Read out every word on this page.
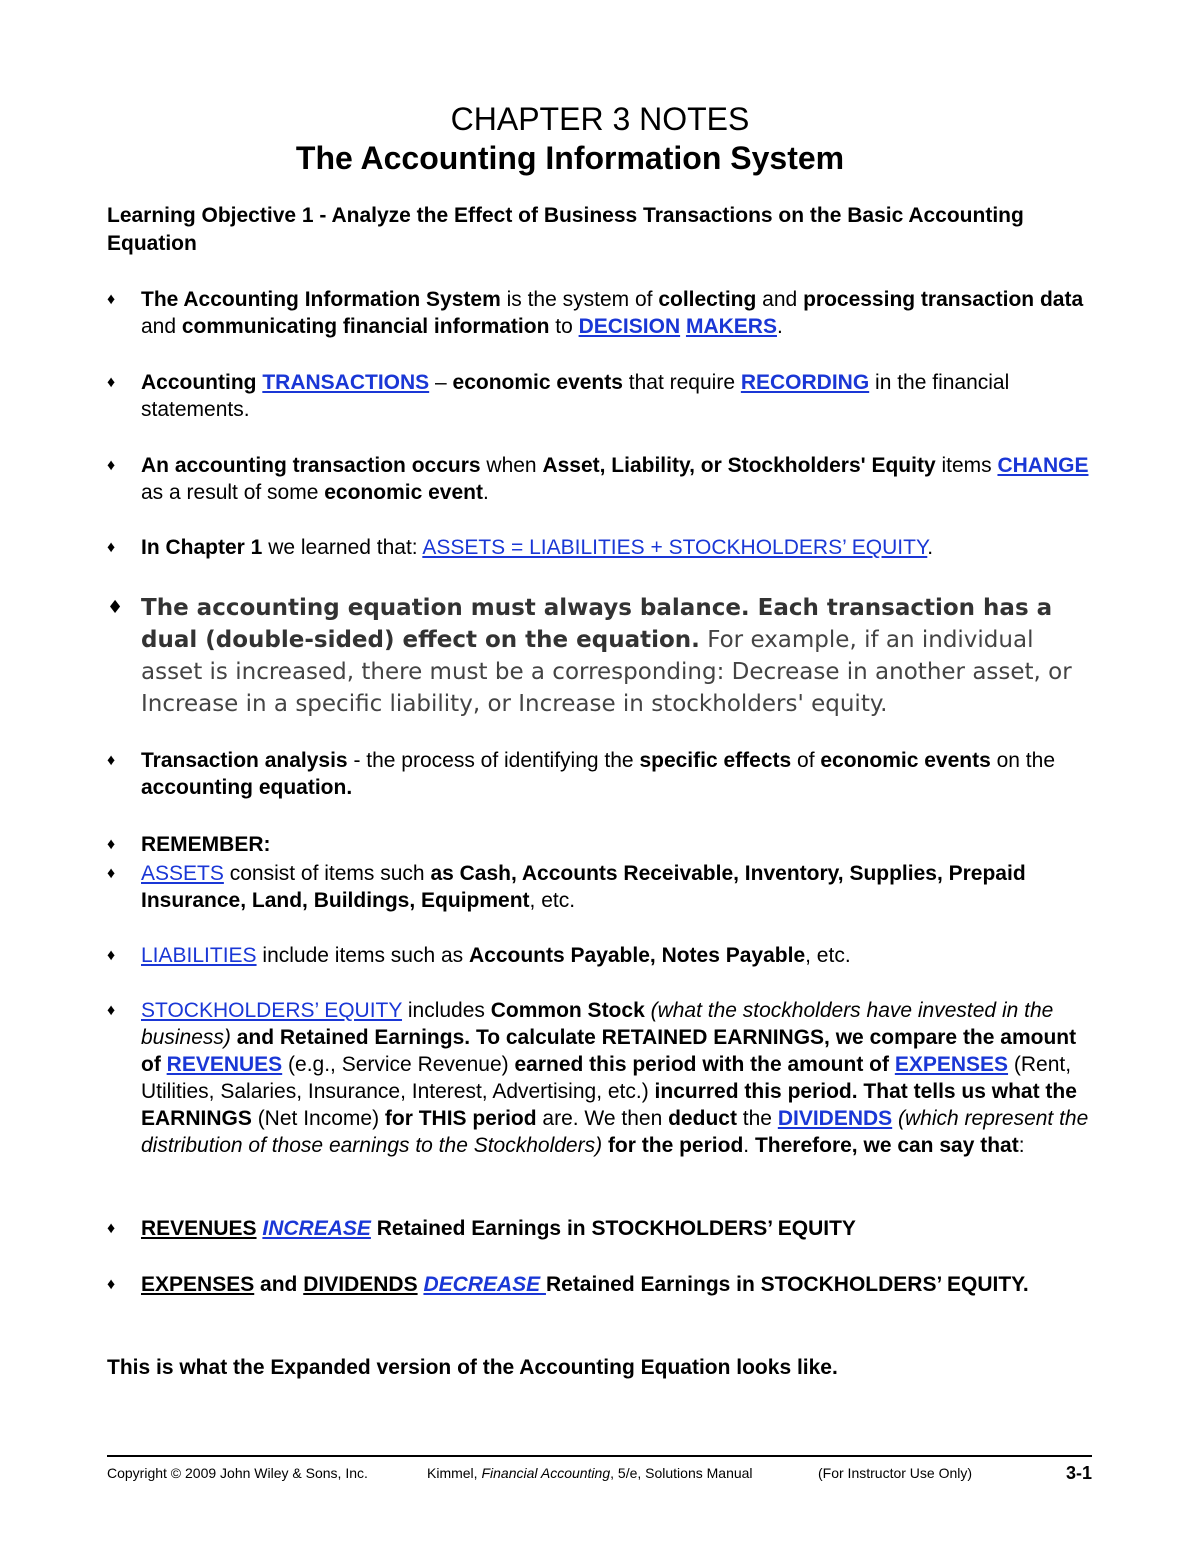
CHAPTER 3 NOTES
The Accounting Information System
Learning Objective 1 - Analyze the Effect of Business Transactions on the Basic Accounting Equation
♦	The Accounting Information System is the system of collecting and processing transaction data and communicating financial information to DECISION MAKERS.
♦	Accounting TRANSACTIONS – economic events that require RECORDING in the financial statements.
♦	An accounting transaction occurs when Asset, Liability, or Stockholders' Equity items CHANGE as a result of some economic event.
♦	In Chapter 1 we learned that: ASSETS = LIABILITIES + STOCKHOLDERS’ EQUITY.
♦ The accounting equation must always balance. Each transaction has a dual (double-sided) effect on the equation. For example, if an individual asset is increased, there must be a corresponding: Decrease in another asset, or Increase in a specific liability, or Increase in stockholders' equity.
♦	Transaction analysis - the process of identifying the specific effects of economic events on the accounting equation.
♦	REMEMBER:
♦	ASSETS consist of items such as Cash, Accounts Receivable, Inventory, Supplies, Prepaid Insurance, Land, Buildings, Equipment, etc.
♦	LIABILITIES include items such as Accounts Payable, Notes Payable, etc.
♦	STOCKHOLDERS’ EQUITY includes Common Stock (what the stockholders have invested in the business) and Retained Earnings. To calculate RETAINED EARNINGS, we compare the amount of REVENUES (e.g., Service Revenue) earned this period with the amount of EXPENSES (Rent, Utilities, Salaries, Insurance, Interest, Advertising, etc.) incurred this period. That tells us what the EARNINGS (Net Income) for THIS period are. We then deduct the DIVIDENDS (which represent the distribution of those earnings to the Stockholders) for the period. Therefore, we can say that:
♦	REVENUES INCREASE Retained Earnings in STOCKHOLDERS’ EQUITY
♦	EXPENSES and DIVIDENDS DECREASE Retained Earnings in STOCKHOLDERS’ EQUITY.
This is what the Expanded version of the Accounting Equation looks like.
Copyright © 2009 John Wiley & Sons, Inc.	Kimmel, Financial Accounting, 5/e, Solutions Manual	(For Instructor Use Only)	3-1
